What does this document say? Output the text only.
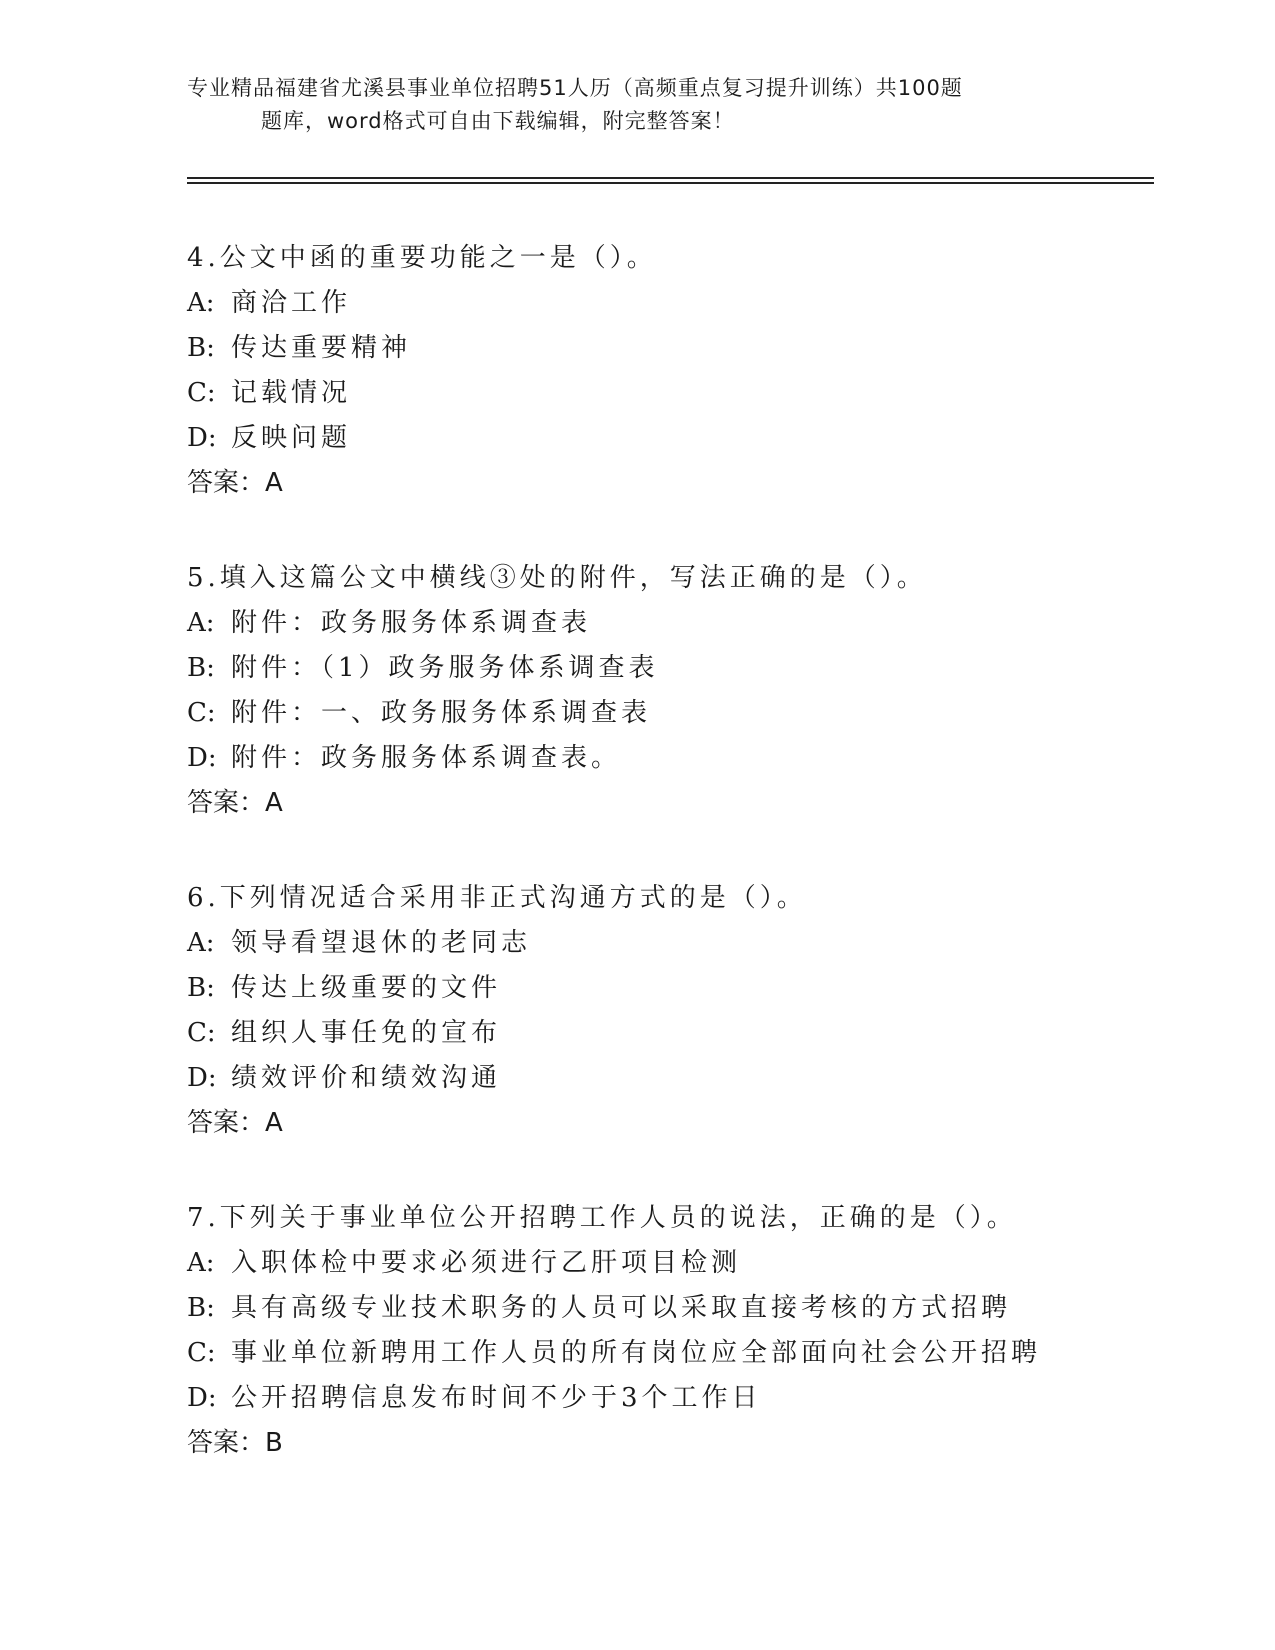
专业精品福建省尤溪县事业单位招聘51人历（高频重点复习提升训练）共100题
题库，word格式可自由下载编辑，附完整答案！
4.公文中函的重要功能之一是（）。
A: 商洽工作
B: 传达重要精神
C: 记载情况
D: 反映问题
答案：A
5.填入这篇公文中横线③处的附件，写法正确的是（）。
A: 附件：政务服务体系调查表
B: 附件：（1）政务服务体系调查表
C: 附件：一、政务服务体系调查表
D: 附件：政务服务体系调查表。
答案：A
6.下列情况适合采用非正式沟通方式的是（）。
A: 领导看望退休的老同志
B: 传达上级重要的文件
C: 组织人事任免的宣布
D: 绩效评价和绩效沟通
答案：A
7.下列关于事业单位公开招聘工作人员的说法，正确的是（）。
A: 入职体检中要求必须进行乙肝项目检测
B: 具有高级专业技术职务的人员可以采取直接考核的方式招聘
C: 事业单位新聘用工作人员的所有岗位应全部面向社会公开招聘
D: 公开招聘信息发布时间不少于3个工作日
答案：B
